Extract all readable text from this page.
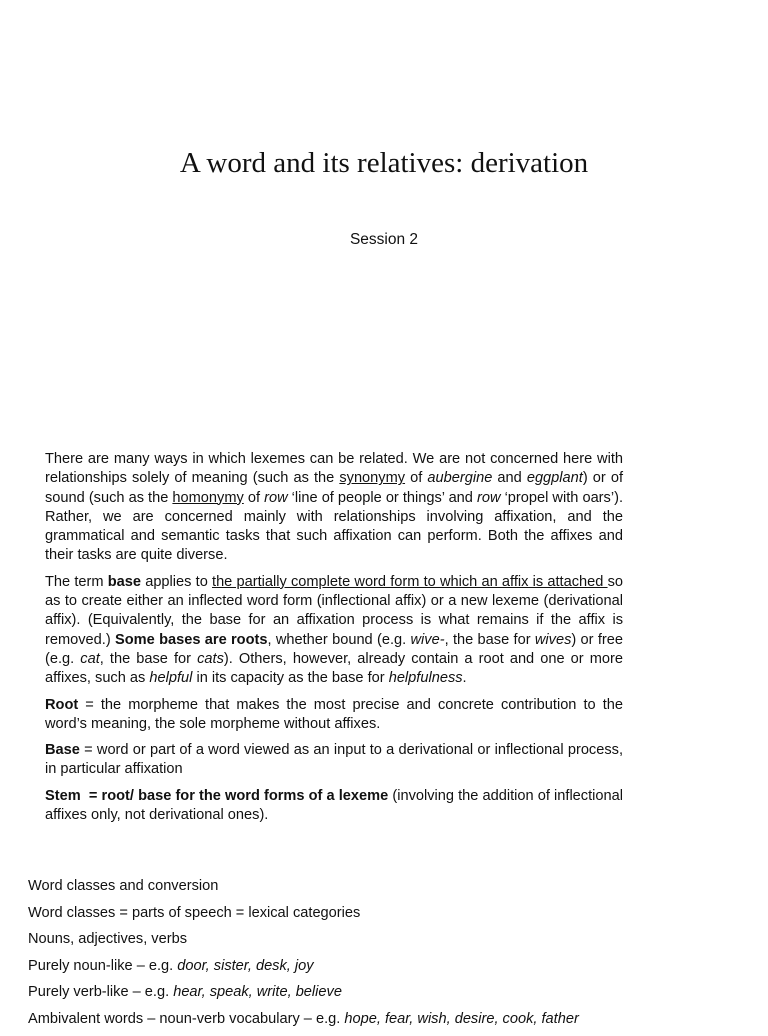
A word and its relatives: derivation

Session 2

There are many ways in which lexemes can be related. We are not concerned here with relationships solely of meaning (such as the synonymy of aubergine and eggplant) or of sound (such as the homonymy of row ‘line of people or things’ and row ‘propel with oars’). Rather, we are concerned mainly with relationships involving affixation, and the grammatical and semantic tasks that such affixation can perform. Both the affixes and their tasks are quite diverse.

The term base applies to the partially complete word form to which an affix is attached so as to create either an inflected word form (inflectional affix) or a new lexeme (derivational affix). (Equivalently, the base for an affixation process is what remains if the affix is removed.) Some bases are roots, whether bound (e.g. wive-, the base for wives) or free (e.g. cat, the base for cats). Others, however, already contain a root and one or more affixes, such as helpful in its capacity as the base for helpfulness.

Root = the morpheme that makes the most precise and concrete contribution to the word’s meaning, the sole morpheme without affixes.

Base = word or part of a word viewed as an input to a derivational or inflectional process, in particular affixation

Stem  = root/ base for the word forms of a lexeme (involving the addition of inflectional affixes only, not derivational ones).

Word classes and conversion

Word classes = parts of speech = lexical categories

Nouns, adjectives, verbs

Purely noun-like – e.g. door, sister, desk, joy

Purely verb-like – e.g. hear, speak, write, believe

Ambivalent words – noun-verb vocabulary – e.g. hope, fear, wish, desire, cook, father
